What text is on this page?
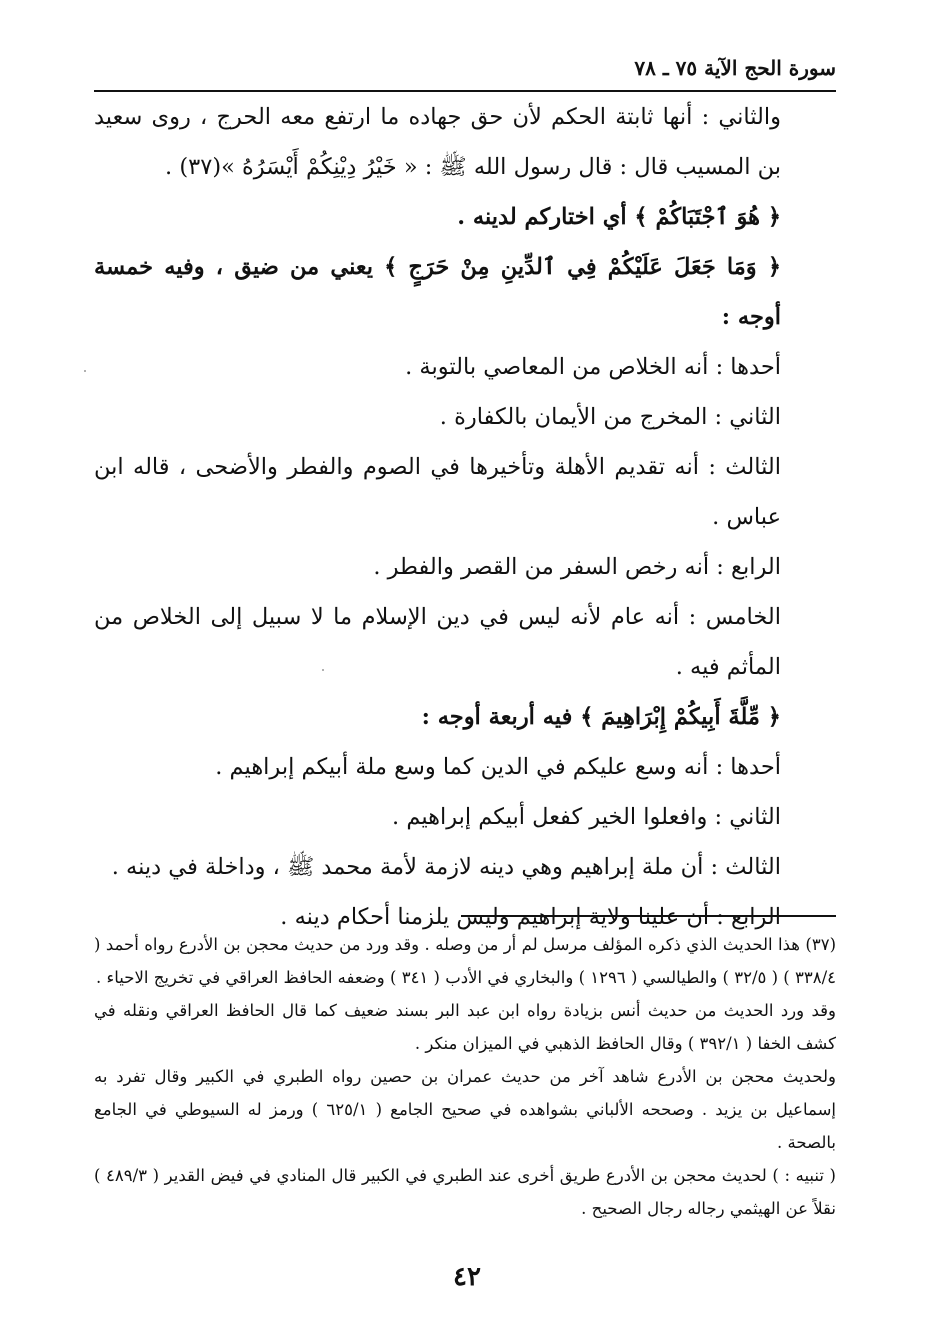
سورة الحج الآية ٧٥ ـ ٧٨

والثاني : أنها ثابتة الحكم لأن حق جهاده ما ارتفع معه الحرج ، روى سعيد بن المسيب قال : قال رسول الله ﷺ : « خَيْرُ دِيْنِكُمْ أَيْسَرُهُ »(٣٧) .

﴿ هُوَ ٱجْتَبَاكُمْ ﴾ أي اختاركم لدينه .

﴿ وَمَا جَعَلَ عَلَيْكُمْ فِي ٱلدِّينِ مِنْ حَرَجٍ ﴾ يعني من ضيق ، وفيه خمسة أوجه :

أحدها : أنه الخلاص من المعاصي بالتوبة .

الثاني : المخرج من الأيمان بالكفارة .

الثالث : أنه تقديم الأهلة وتأخيرها في الصوم والفطر والأضحى ، قاله ابن عباس .

الرابع : أنه رخص السفر من القصر والفطر .

الخامس : أنه عام لأنه ليس في دين الإسلام ما لا سبيل إلى الخلاص من المأثم فيه .

﴿ مِّلَّةَ أَبِيكُمْ إِبْرَاهِيمَ ﴾ فيه أربعة أوجه :

أحدها : أنه وسع عليكم في الدين كما وسع ملة أبيكم إبراهيم .

الثاني : وافعلوا الخير كفعل أبيكم إبراهيم .

الثالث : أن ملة إبراهيم وهي دينه لازمة لأمة محمد ﷺ ، وداخلة في دينه .

الرابع : أن علينا ولاية إبراهيم وليس يلزمنا أحكام دينه .

(٣٧) هذا الحديث الذي ذكره المؤلف مرسل لم أر من وصله . وقد ورد من حديث محجن بن الأدرع رواه أحمد ( ٣٣٨/٤ ) ( ٣٢/٥ ) والطيالسي ( ١٢٩٦ ) والبخاري في الأدب ( ٣٤١ ) وضعفه الحافظ العراقي في تخريج الاحياء .

وقد ورد الحديث من حديث أنس بزيادة رواه ابن عبد البر بسند ضعيف كما قال الحافظ العراقي ونقله في كشف الخفا ( ٣٩٢/١ ) وقال الحافظ الذهبي في الميزان منكر .

ولحديث محجن بن الأدرع شاهد آخر من حديث عمران بن حصين رواه الطبري في الكبير وقال تفرد به إسماعيل بن يزيد . وصححه الألباني بشواهده في صحيح الجامع ( ٦٢٥/١ ) ورمز له السيوطي في الجامع بالصحة .

( تنبيه : ) لحديث محجن بن الأدرع طريق أخرى عند الطبري في الكبير قال المنادي في فيض القدير ( ٤٨٩/٣ ) نقلاً عن الهيثمي رجاله رجال الصحيح .

٤٢
